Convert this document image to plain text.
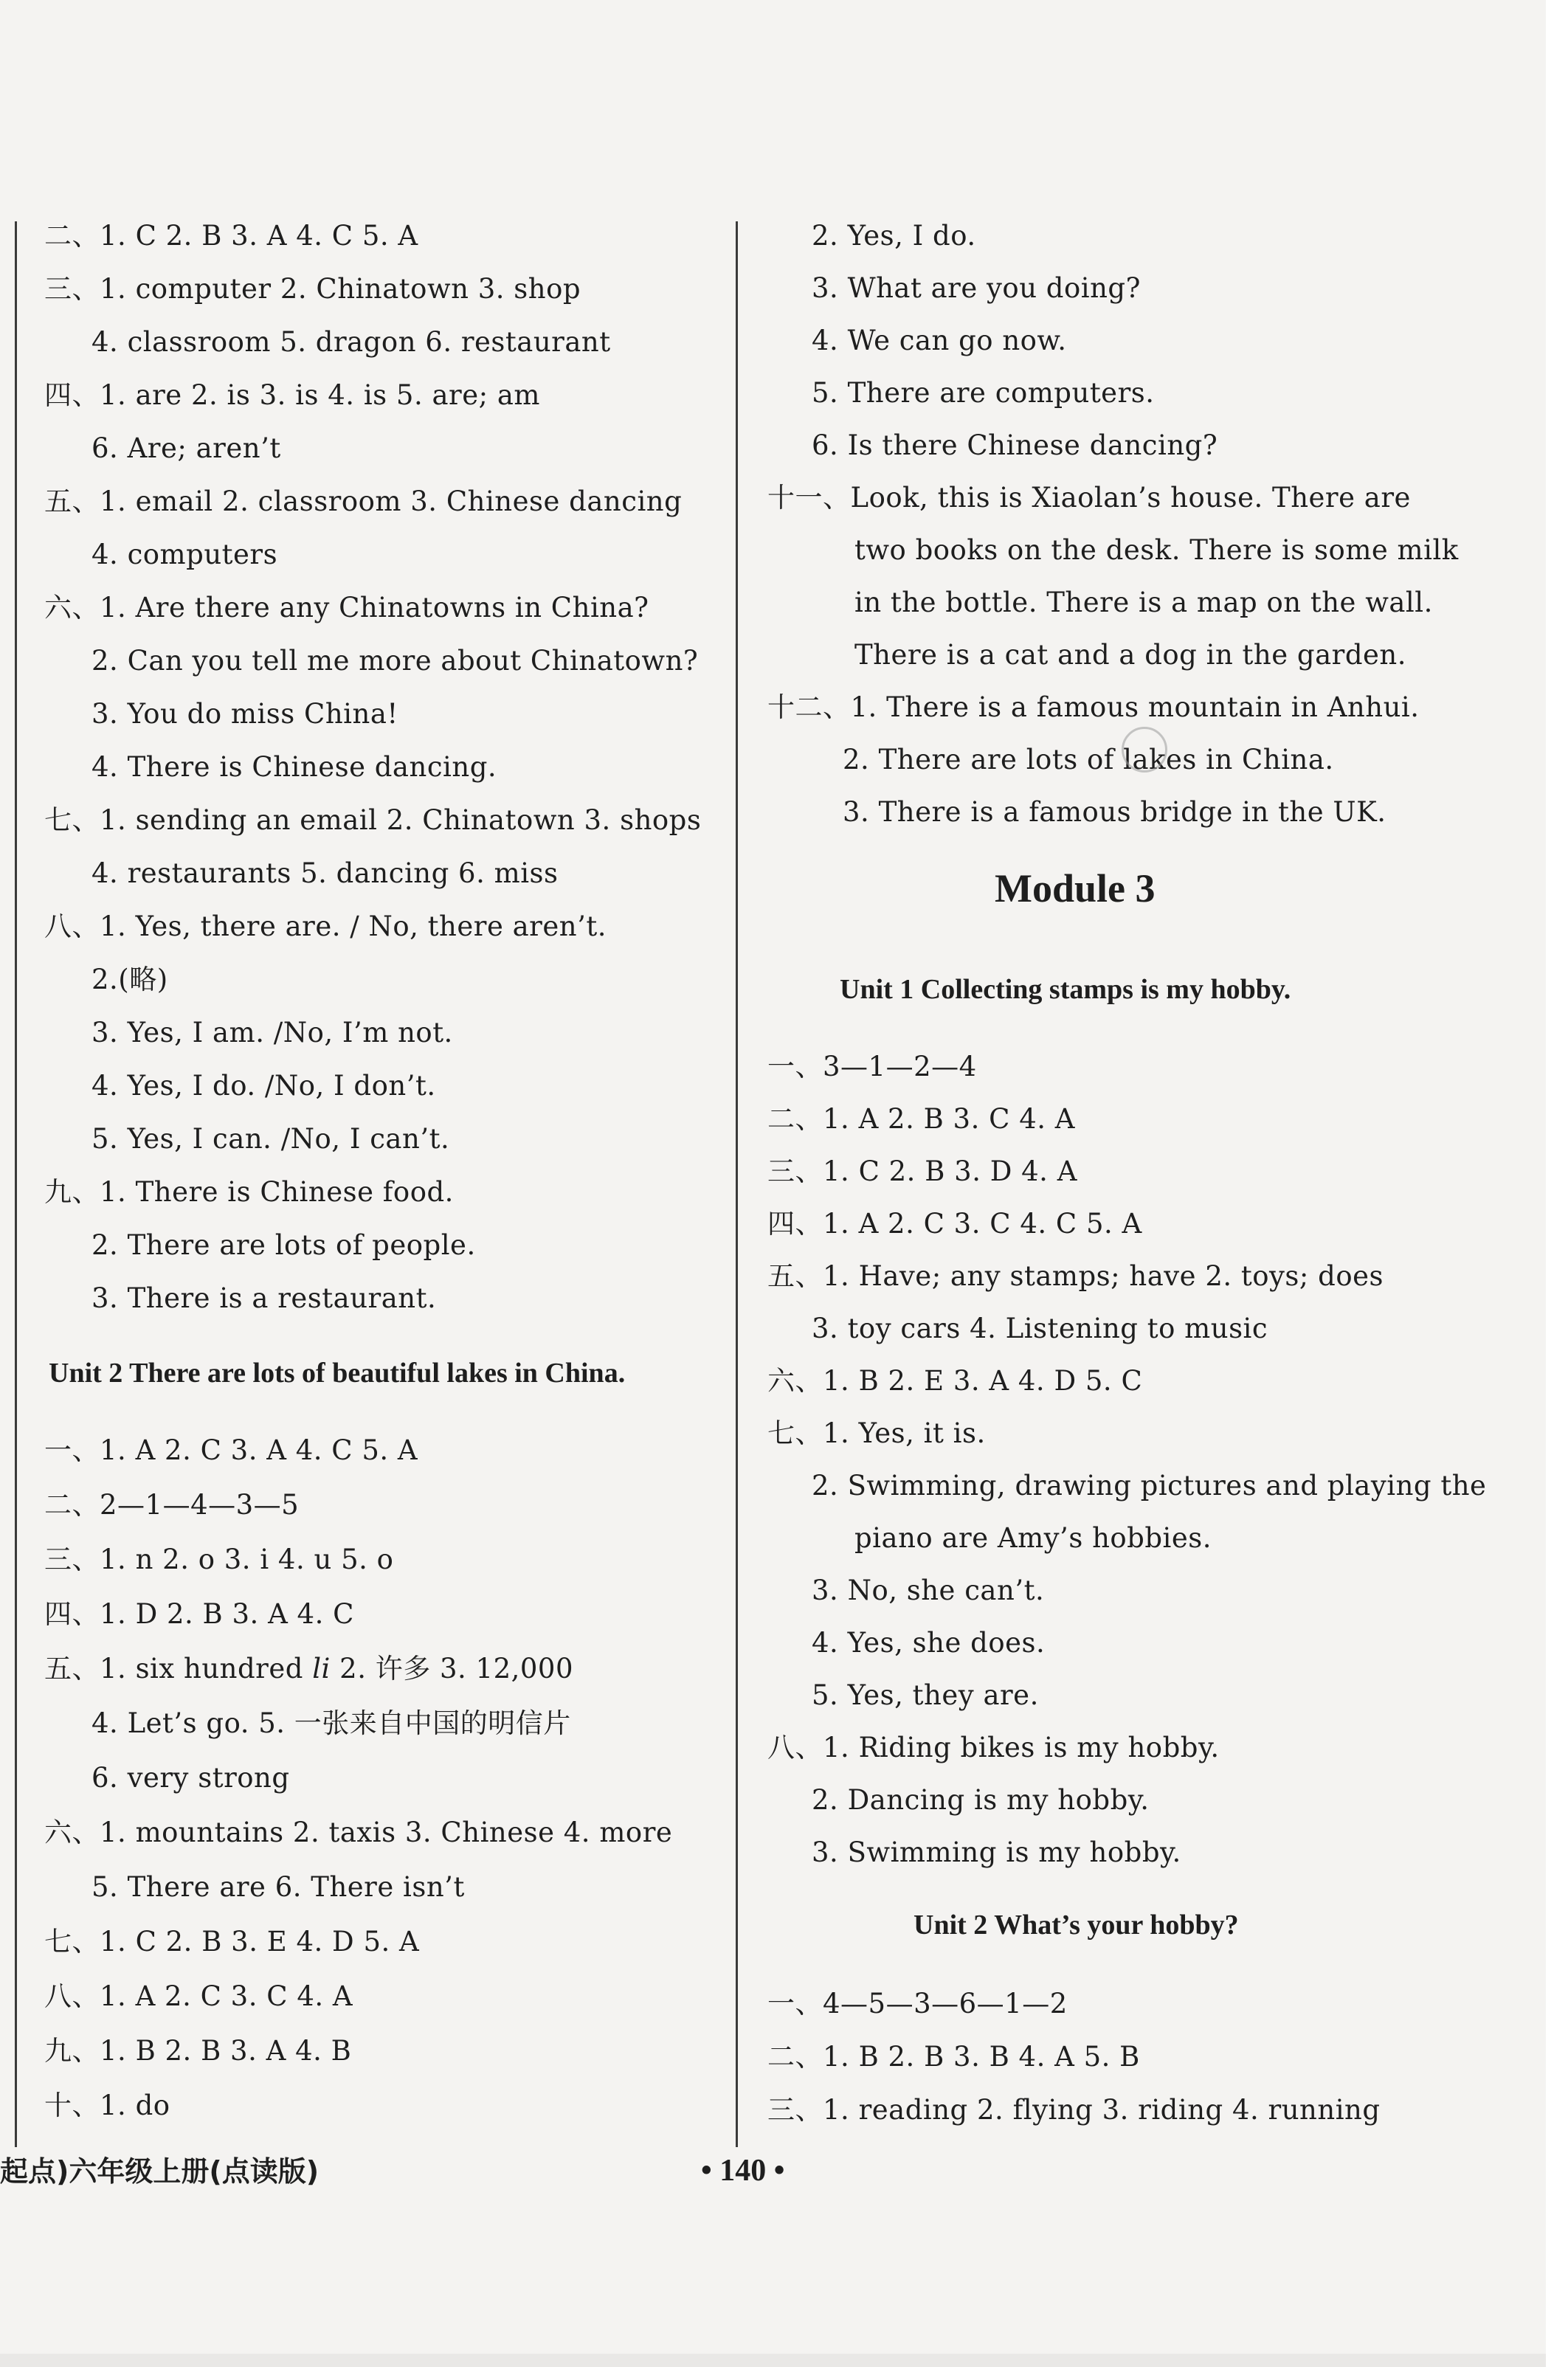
二、1. C 2. B 3. A 4. C 5. A
三、1. computer 2. Chinatown 3. shop
4. classroom 5. dragon 6. restaurant
四、1. are 2. is 3. is 4. is 5. are; am
6. Are; aren’t
五、1. email 2. classroom 3. Chinese dancing
4. computers
六、1. Are there any Chinatowns in China?
2. Can you tell me more about Chinatown?
3. You do miss China!
4. There is Chinese dancing.
七、1. sending an email 2. Chinatown 3. shops
4. restaurants 5. dancing 6. miss
八、1. Yes, there are. / No, there aren’t.
2.(略)
3. Yes, I am. /No, I’m not.
4. Yes, I do. /No, I don’t.
5. Yes, I can. /No, I can’t.
九、1. There is Chinese food.
2. There are lots of people.
3. There is a restaurant.
Unit 2 There are lots of beautiful lakes in China.
一、1. A 2. C 3. A 4. C 5. A
二、2—1—4—3—5
三、1. n 2. o 3. i 4. u 5. o
四、1. D 2. B 3. A 4. C
五、1. six hundred li 2. 许多 3. 12,000
4. Let’s go. 5. 一张来自中国的明信片
6. very strong
六、1. mountains 2. taxis 3. Chinese 4. more
5. There are 6. There isn’t
七、1. C 2. B 3. E 4. D 5. A
八、1. A 2. C 3. C 4. A
九、1. B 2. B 3. A 4. B
十、1. do
2. Yes, I do.
3. What are you doing?
4. We can go now.
5. There are computers.
6. Is there Chinese dancing?
十一、Look, this is Xiaolan’s house. There are
two books on the desk. There is some milk
in the bottle. There is a map on the wall.
There is a cat and a dog in the garden.
十二、1. There is a famous mountain in Anhui.
2. There are lots of lakes in China.
3. There is a famous bridge in the UK.
Module 3
Unit 1 Collecting stamps is my hobby.
一、3—1—2—4
二、1. A 2. B 3. C 4. A
三、1. C 2. B 3. D 4. A
四、1. A 2. C 3. C 4. C 5. A
五、1. Have; any stamps; have 2. toys; does
3. toy cars 4. Listening to music
六、1. B 2. E 3. A 4. D 5. C
七、1. Yes, it is.
2. Swimming, drawing pictures and playing the
piano are Amy’s hobbies.
3. No, she can’t.
4. Yes, she does.
5. Yes, they are.
八、1. Riding bikes is my hobby.
2. Dancing is my hobby.
3. Swimming is my hobby.
Unit 2 What’s your hobby?
一、4—5—3—6—1—2
二、1. B 2. B 3. B 4. A 5. B
三、1. reading 2. flying 3. riding 4. running
起点)六年级上册(点读版)	• 140 •
